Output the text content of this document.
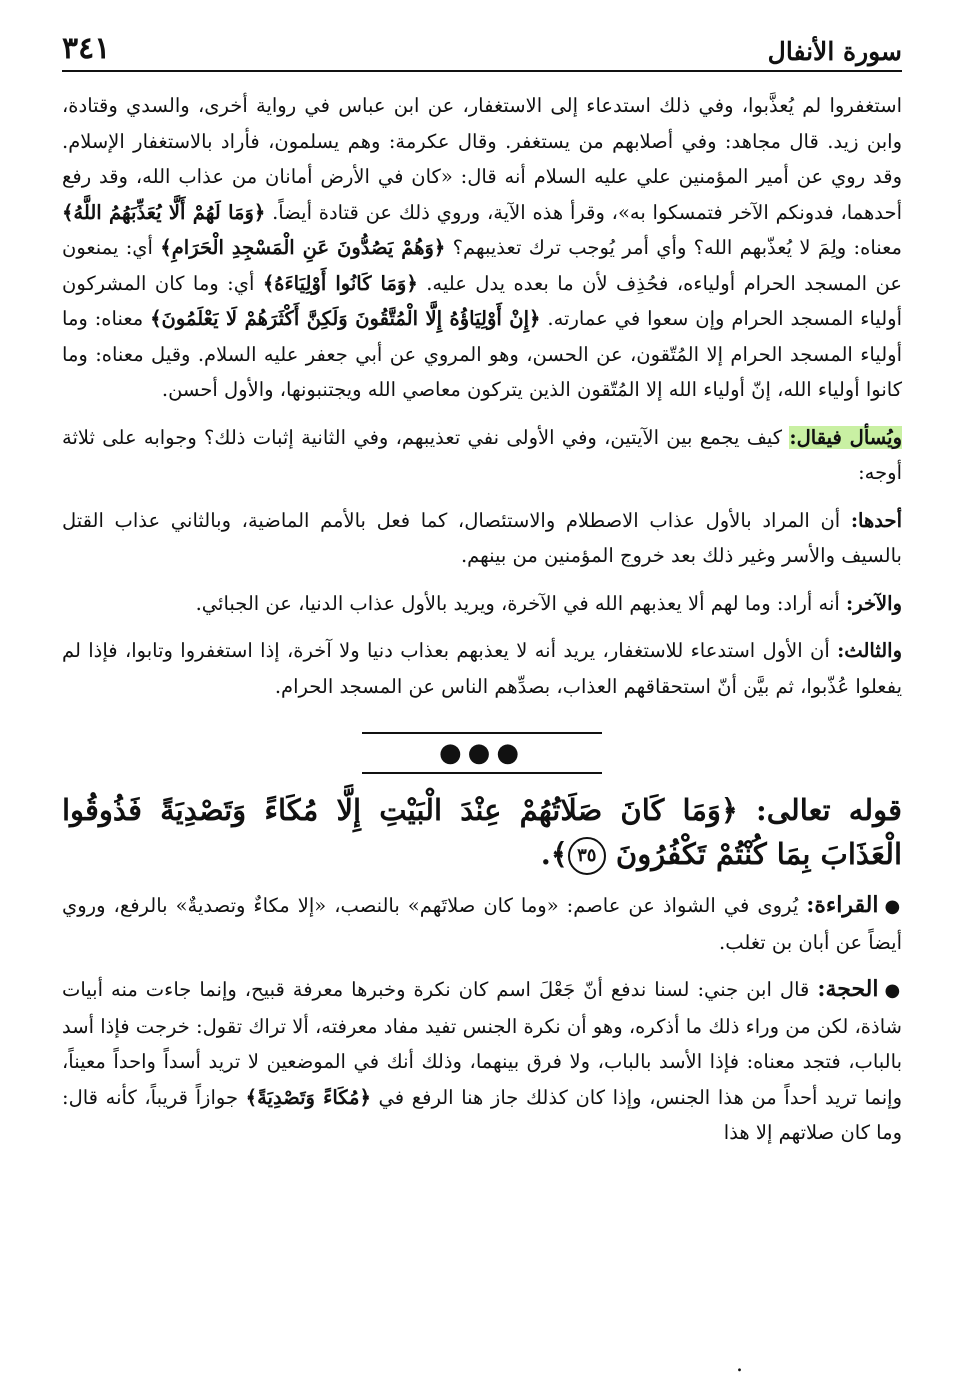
سورة الأنفال
٣٤١

استغفروا لم يُعذَّبوا، وفي ذلك استدعاء إلى الاستغفار، عن ابن عباس في رواية أخرى، والسدي وقتادة، وابن زيد. قال مجاهد: وفي أصلابهم من يستغفر. وقال عكرمة: وهم يسلمون، فأراد بالاستغفار الإسلام. وقد روي عن أمير المؤمنين علي عليه السلام أنه قال: «كان في الأرض أمانان من عذاب الله، وقد رفع أحدهما، فدونكم الآخر فتمسكوا به»، وقرأ هذه الآية، وروي ذلك عن قتادة أيضاً. ﴿وَمَا لَهُمْ أَلَّا يُعَذِّبَهُمُ اللَّهُ﴾ معناه: ولِمَ لا يُعذّبهم الله؟ وأي أمر يُوجب ترك تعذيبهم؟ ﴿وَهُمْ يَصُدُّونَ عَنِ الْمَسْجِدِ الْحَرَامِ﴾ أي: يمنعون عن المسجد الحرام أولياءه، فحُذِف لأن ما بعده يدل عليه. ﴿وَمَا كَانُوا أَوْلِيَاءَهُ﴾ أي: وما كان المشركون أولياء المسجد الحرام وإن سعوا في عمارته. ﴿إِنْ أَوْلِيَاؤُهُ إِلَّا الْمُتَّقُونَ وَلَكِنَّ أَكْثَرَهُمْ لَا يَعْلَمُونَ﴾ معناه: وما أولياء المسجد الحرام إلا المُتّقون، عن الحسن، وهو المروي عن أبي جعفر عليه السلام. وقيل معناه: وما كانوا أولياء الله، إنّ أولياء الله إلا المُتّقون الذين يتركون معاصي الله ويجتنبونها، والأول أحسن.

ويُسأل فيقال: كيف يجمع بين الآيتين، وفي الأولى نفي تعذيبهم، وفي الثانية إثبات ذلك؟ وجوابه على ثلاثة أوجه:

أحدها: أن المراد بالأول عذاب الاصطلام والاستئصال، كما فعل بالأمم الماضية، وبالثاني عذاب القتل بالسيف والأسر وغير ذلك بعد خروج المؤمنين من بينهم.

والآخر: أنه أراد: وما لهم ألا يعذبهم الله في الآخرة، ويريد بالأول عذاب الدنيا، عن الجبائي.

والثالث: أن الأول استدعاء للاستغفار، يريد أنه لا يعذبهم بعذاب دنيا ولا آخرة، إذا استغفروا وتابوا، فإذا لم يفعلوا عُذّبوا، ثم بيَّن أنّ استحقاقهم العذاب، بصدِّهم الناس عن المسجد الحرام.

●●●

قوله تعالى: ﴿وَمَا كَانَ صَلَاتُهُمْ عِنْدَ الْبَيْتِ إِلَّا مُكَاءً وَتَصْدِيَةً فَذُوقُوا الْعَذَابَ بِمَا كُنْتُمْ تَكْفُرُونَ ٣٥﴾.

●القراءة: يُروى في الشواذ عن عاصم: «وما كان صلاتَهم» بالنصب، «إلا مكاءٌ وتصديةٌ» بالرفع، وروي أيضاً عن أبان بن تغلب.

●الحجة: قال ابن جني: لسنا ندفع أنّ جَعْلَ اسم كان نكرة وخبرها معرفة قبيح، وإنما جاءت منه أبيات شاذة، لكن من وراء ذلك ما أذكره، وهو أن نكرة الجنس تفيد مفاد معرفته، ألا تراك تقول: خرجت فإذا أسد بالباب، فتجد معناه: فإذا الأسد بالباب، ولا فرق بينهما، وذلك أنك في الموضعين لا تريد أسداً واحداً معيناً، وإنما تريد أحداً من هذا الجنس، وإذا كان كذلك جاز هنا الرفع في ﴿مُكَاءً وَتَصْدِيَةً﴾ جوازاً قريباً، كأنه قال: وما كان صلاتهم إلا هذا

.
